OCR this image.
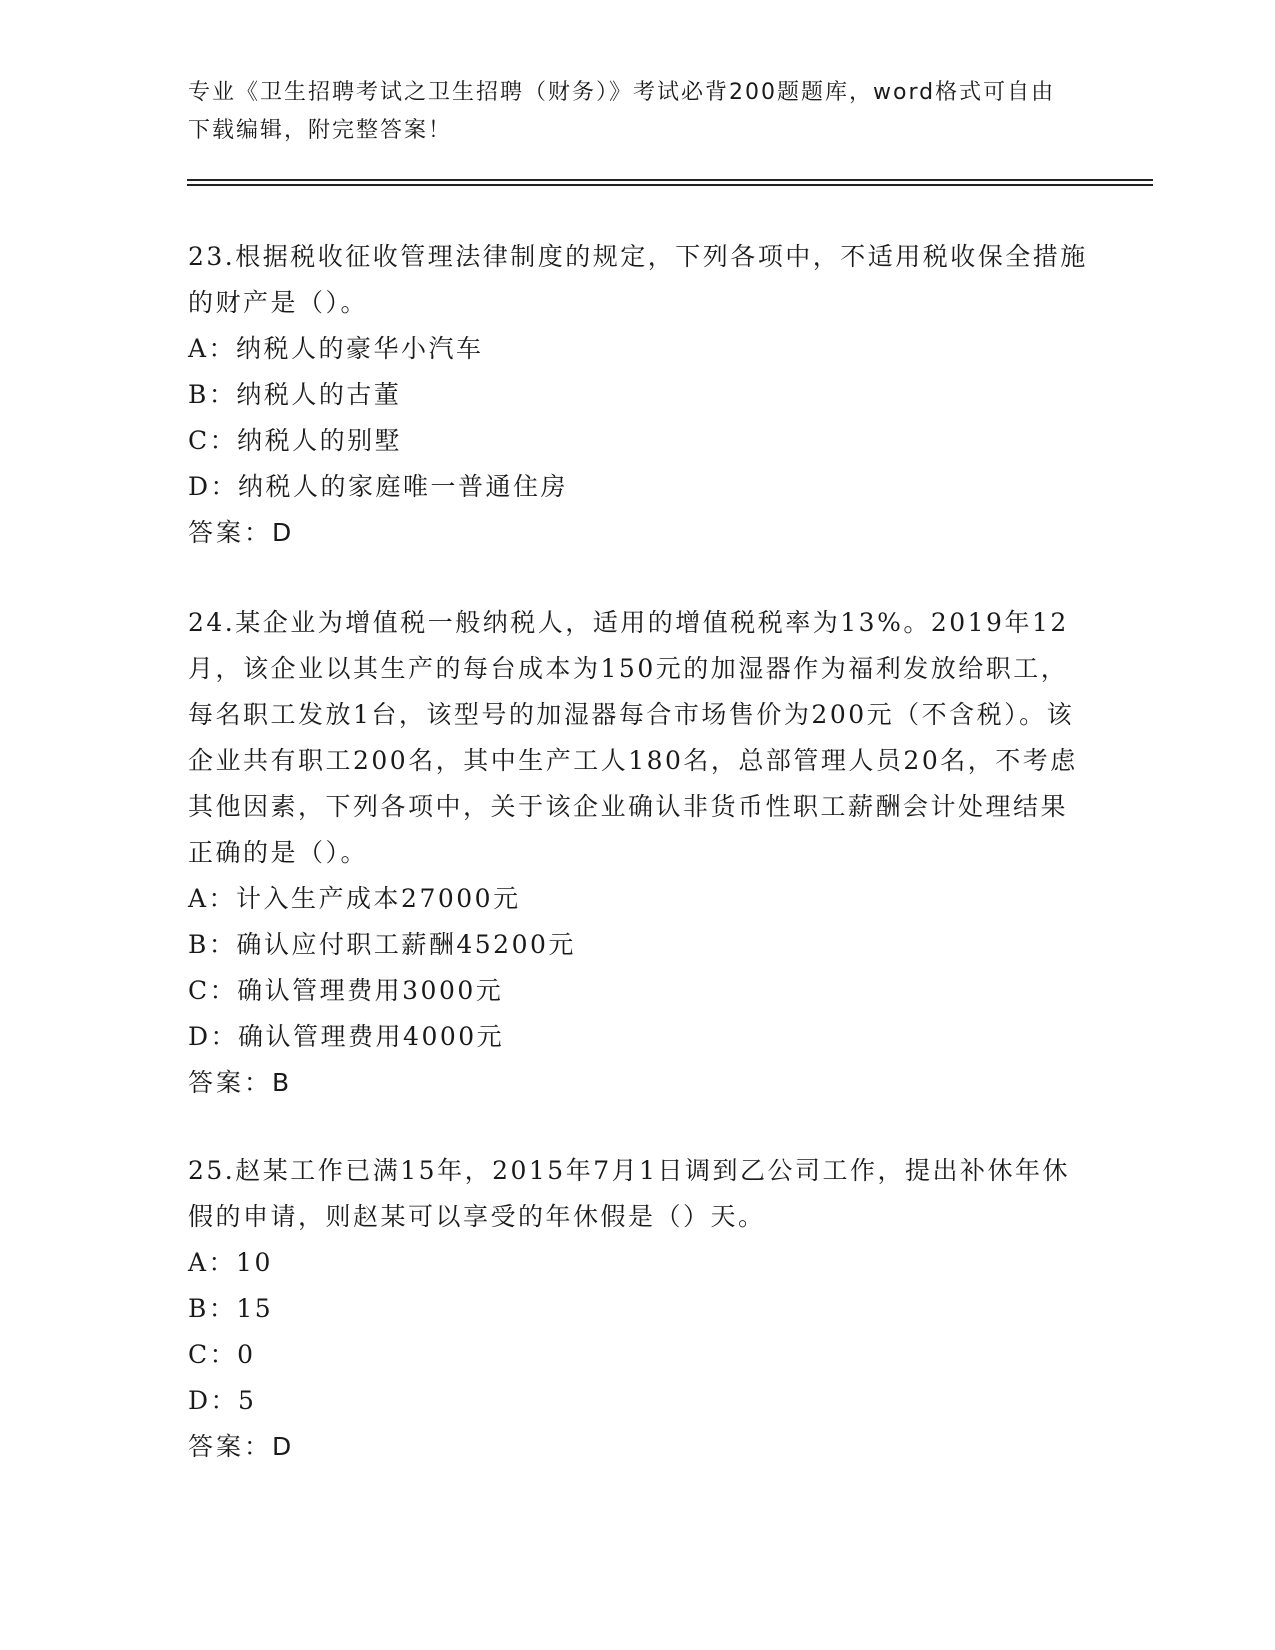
专业《卫生招聘考试之卫生招聘（财务）》考试必背200题题库，word格式可自由下载编辑，附完整答案！

23.根据税收征收管理法律制度的规定，下列各项中，不适用税收保全措施的财产是（）。

A：纳税人的豪华小汽车

B：纳税人的古董

C：纳税人的别墅

D：纳税人的家庭唯一普通住房

答案：D

24.某企业为增值税一般纳税人，适用的增值税税率为13%。2019年12月，该企业以其生产的每台成本为150元的加湿器作为福利发放给职工，每名职工发放1台，该型号的加湿器每合市场售价为200元（不含税）。该企业共有职工200名，其中生产工人180名，总部管理人员20名，不考虑其他因素，下列各项中，关于该企业确认非货币性职工薪酬会计处理结果正确的是（）。

A：计入生产成本27000元

B：确认应付职工薪酬45200元

C：确认管理费用3000元

D：确认管理费用4000元

答案：B

25.赵某工作已满15年，2015年7月1日调到乙公司工作，提出补休年休假的申请，则赵某可以享受的年休假是（）天。

A：10

B：15

C：0

D：5

答案：D
